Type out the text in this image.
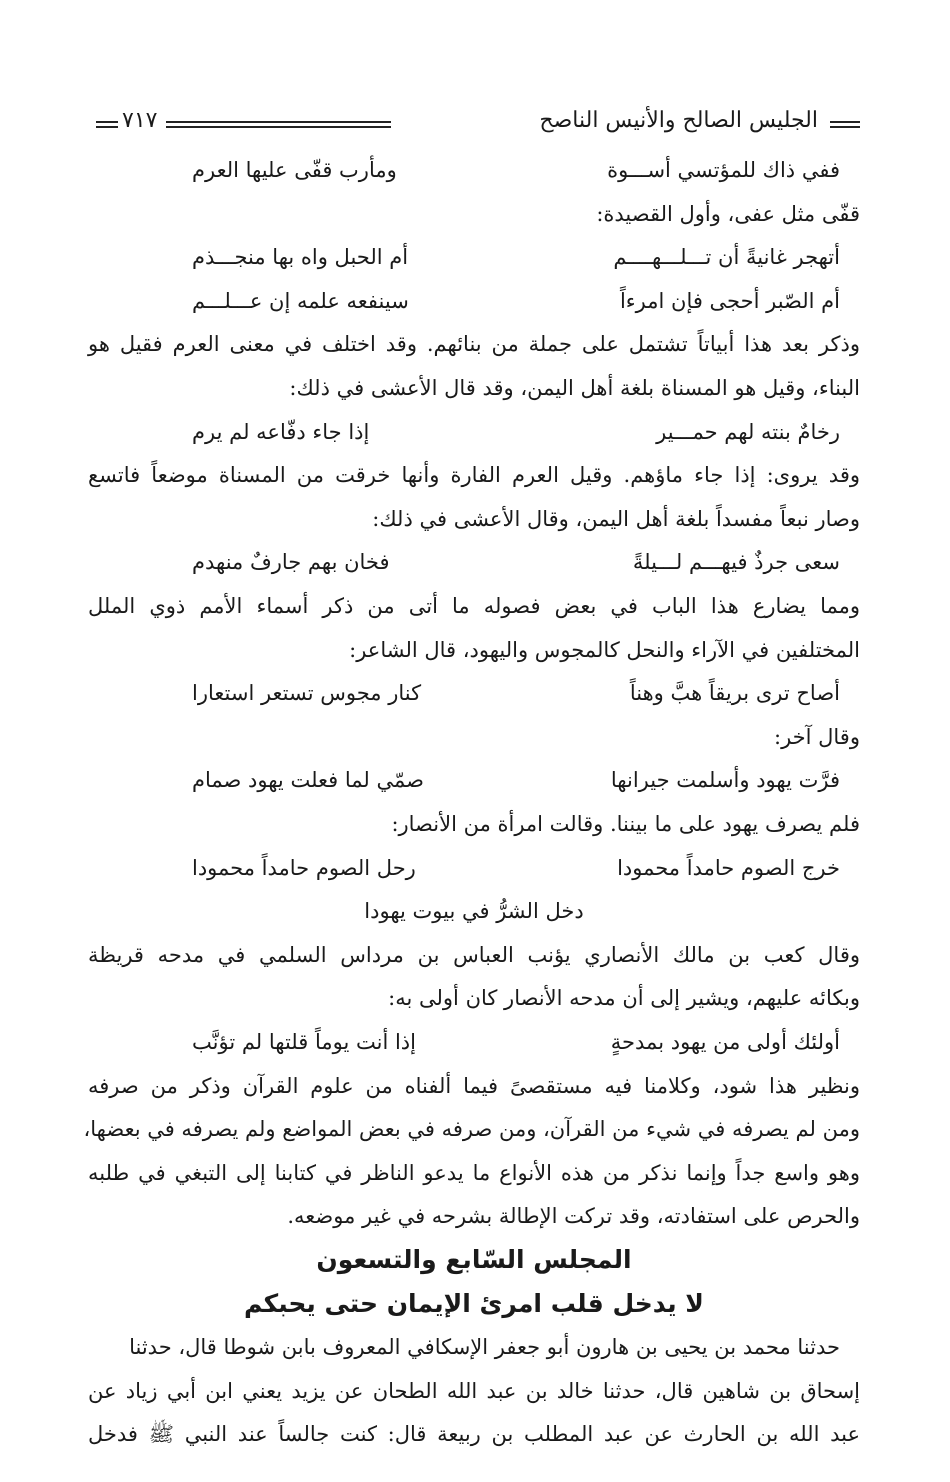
الجليس الصالح والأنيس الناصح
٧١٧
ففي ذاك للمؤتسي أســـوة
ومأرب قفّى عليها العرم
قفّى مثل عفى، وأول القصيدة:
أتهجر غانيةً أن تـــلـــهــــم
أم الحبل واه بها منجـــذم
أم الصّبر أحجى فإن امرءاً
سينفعه علمه إن عـــلـــم
وذكر بعد هذا أبياتاً تشتمل على جملة من بنائهم. وقد اختلف في معنى العرم فقيل هو
البناء، وقيل هو المسناة بلغة أهل اليمن، وقد قال الأعشى في ذلك:
رخامٌ بنته لهم حمـــير
إذا جاء دفّاعه لم يرم
وقد يروى: إذا جاء ماؤهم. وقيل العرم الفارة وأنها خرقت من المسناة موضعاً فاتسع
وصار نبعاً مفسداً بلغة أهل اليمن، وقال الأعشى في ذلك:
سعى جرذٌ فيهـــم لـــيلةً
فخان بهم جارفٌ منهدم
ومما يضارع هذا الباب في بعض فصوله ما أتى من ذكر أسماء الأمم ذوي الملل
المختلفين في الآراء والنحل كالمجوس واليهود، قال الشاعر:
أصاح ترى بريقاً هبَّ وهناً
كنار مجوس تستعر استعارا
وقال آخر:
فرَّت يهود وأسلمت جيرانها
صمّي لما فعلت يهود صمام
فلم يصرف يهود على ما بيننا. وقالت امرأة من الأنصار:
خرج الصوم حامداً محمودا
رحل الصوم حامداً محمودا
دخل الشرُّ في بيوت يهودا
وقال كعب بن مالك الأنصاري يؤنب العباس بن مرداس السلمي في مدحه قريظة
وبكائه عليهم، ويشير إلى أن مدحه الأنصار كان أولى به:
أولئك أولى من يهود بمدحةٍ
إذا أنت يوماً قلتها لم تؤنَّب
ونظير هذا شود، وكلامنا فيه مستقصىً فيما ألفناه من علوم القرآن وذكر من صرفه
ومن لم يصرفه في شيء من القرآن، ومن صرفه في بعض المواضع ولم يصرفه في بعضها،
وهو واسع جداً وإنما نذكر من هذه الأنواع ما يدعو الناظر في كتابنا إلى التبغي في طلبه
والحرص على استفادته، وقد تركت الإطالة بشرحه في غير موضعه.
المجلس السّابع والتسعون
لا يدخل قلب امرئ الإيمان حتى يحبكم
حدثنا محمد بن يحيى بن هارون أبو جعفر الإسكافي المعروف بابن شوطا قال، حدثنا
إسحاق بن شاهين قال، حدثنا خالد بن عبد الله الطحان عن يزيد يعني ابن أبي زياد عن
عبد الله بن الحارث عن عبد المطلب بن ربيعة قال: كنت جالساً عند النبي ﷺ فدخل
